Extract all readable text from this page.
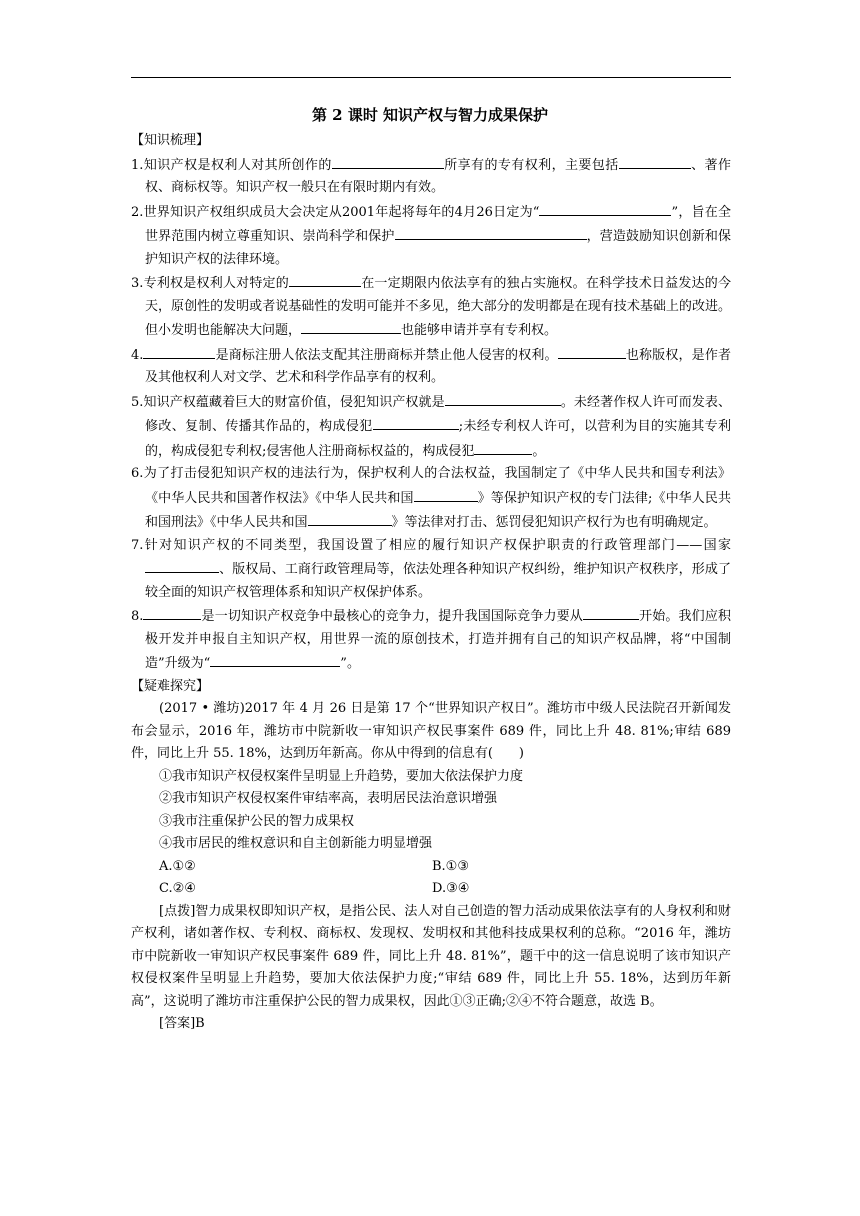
第 2 课时 知识产权与智力成果保护

【知识梳理】

1.知识产权是权利人对其所创作的	所享有的专有权利，主要包括	、著作权、商标权等。知识产权一般只在有限时期内有效。

2.世界知识产权组织成员大会决定从2001年起将每年的4月26日定为“	”，旨在全世界范围内树立尊重知识、崇尚科学和保护	，营造鼓励知识创新和保护知识产权的法律环境。

3.专利权是权利人对特定的	在一定期限内依法享有的独占实施权。在科学技术日益发达的今天，原创性的发明或者说基础性的发明可能并不多见，绝大部分的发明都是在现有技术基础上的改进。但小发明也能解决大问题，	也能够申请并享有专利权。

4.	是商标注册人依法支配其注册商标并禁止他人侵害的权利。	也称版权，是作者及其他权利人对文学、艺术和科学作品享有的权利。

5.知识产权蕴藏着巨大的财富价值，侵犯知识产权就是	。未经著作权人许可而发表、修改、复制、传播其作品的，构成侵犯	;未经专利权人许可，以营利为目的实施其专利的，构成侵犯专利权;侵害他人注册商标权益的，构成侵犯	。

6.为了打击侵犯知识产权的违法行为，保护权利人的合法权益，我国制定了《中华人民共和国专利法》《中华人民共和国著作权法》《中华人民共和国	》等保护知识产权的专门法律;《中华人民共和国刑法》《中华人民共和国	》等法律对打击、惩罚侵犯知识产权行为也有明确规定。

7.针对知识产权的不同类型，我国设置了相应的履行知识产权保护职责的行政管理部门——国家、版权局、工商行政管理局等，依法处理各种知识产权纠纷，维护知识产权秩序，形成了较全面的知识产权管理体系和知识产权保护体系。

8.	是一切知识产权竞争中最核心的竞争力，提升我国国际竞争力要从	开始。我们应积极开发并申报自主知识产权，用世界一流的原创技术，打造并拥有自己的知识产权品牌，将“中国制造”升级为“	”。

【疑难探究】

(2017 • 潍坊)2017 年 4 月 26 日是第 17 个“世界知识产权日”。潍坊市中级人民法院召开新闻发布会显示，2016 年，潍坊市中院新收一审知识产权民事案件 689 件，同比上升 48. 81%;审结 689 件，同比上升 55. 18%，达到历年新高。你从中得到的信息有(　　)

①我市知识产权侵权案件呈明显上升趋势，要加大依法保护力度

②我市知识产权侵权案件审结率高，表明居民法治意识增强

③我市注重保护公民的智力成果权

④我市居民的维权意识和自主创新能力明显增强

A.①②	B.①③
C.②④	D.③④

[点拨]智力成果权即知识产权，是指公民、法人对自己创造的智力活动成果依法享有的人身权利和财产权利，诸如著作权、专利权、商标权、发现权、发明权和其他科技成果权利的总称。“2016 年，潍坊市中院新收一审知识产权民事案件 689 件，同比上升 48. 81%”，题干中的这一信息说明了该市知识产权侵权案件呈明显上升趋势，要加大依法保护力度;“审结 689 件，同比上升 55. 18%，达到历年新高”，这说明了潍坊市注重保护公民的智力成果权，因此①③正确;②④不符合题意，故选 B。

[答案]B
